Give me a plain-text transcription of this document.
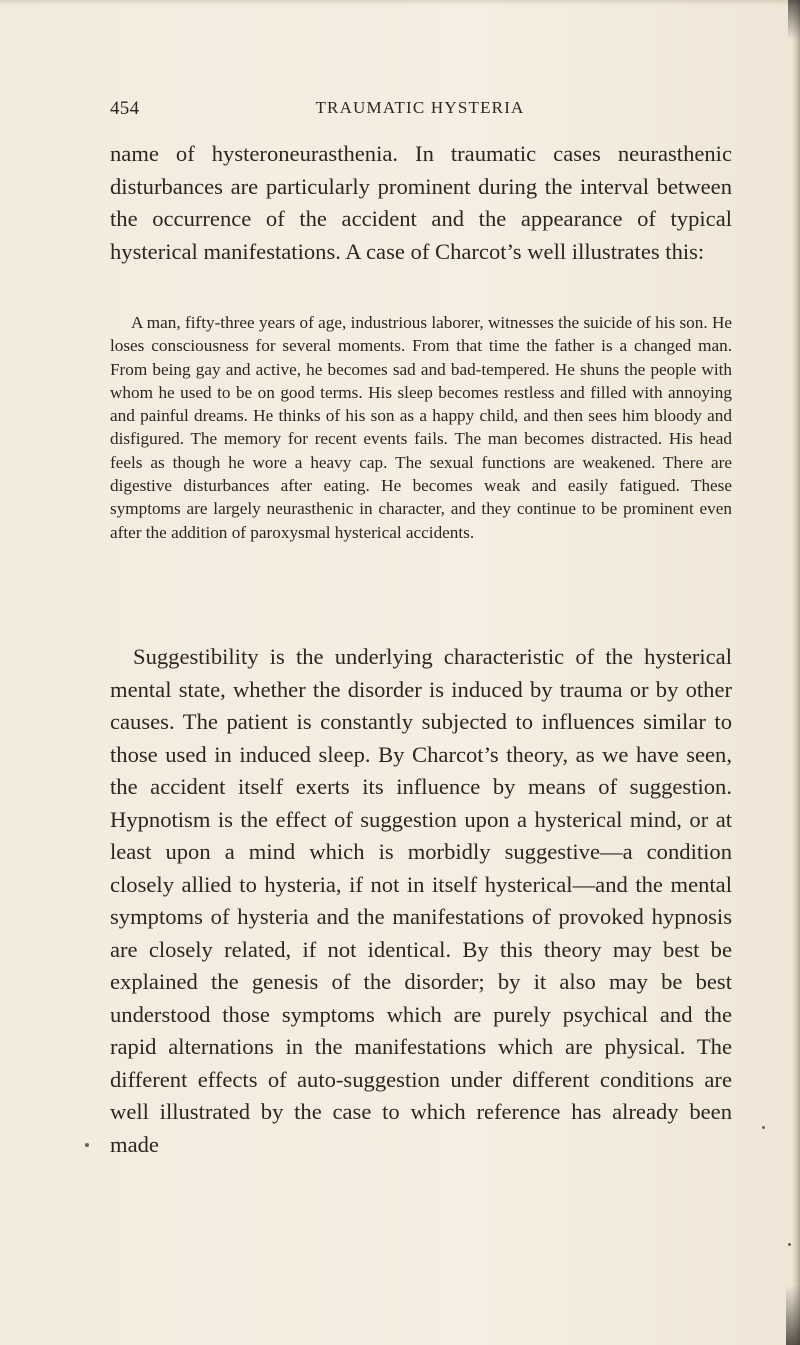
454	TRAUMATIC HYSTERIA

name of hysteroneurasthenia. In traumatic cases neurasthenic disturbances are particularly prominent during the interval between the occurrence of the accident and the appearance of typical hysterical manifestations. A case of Charcot’s well illustrates this:

A man, fifty-three years of age, industrious laborer, witnesses the suicide of his son. He loses consciousness for several moments. From that time the father is a changed man. From being gay and active, he becomes sad and bad-tempered. He shuns the people with whom he used to be on good terms. His sleep becomes restless and filled with annoying and painful dreams. He thinks of his son as a happy child, and then sees him bloody and disfigured. The memory for recent events fails. The man becomes distracted. His head feels as though he wore a heavy cap. The sexual functions are weakened. There are digestive disturbances after eating. He becomes weak and easily fatigued. These symptoms are largely neurasthenic in character, and they continue to be prominent even after the addition of paroxysmal hysterical accidents.

Suggestibility is the underlying characteristic of the hysterical mental state, whether the disorder is induced by trauma or by other causes. The patient is constantly subjected to influences similar to those used in induced sleep. By Charcot’s theory, as we have seen, the accident itself exerts its influence by means of suggestion. Hypnotism is the effect of suggestion upon a hysterical mind, or at least upon a mind which is morbidly suggestive—a condition closely allied to hysteria, if not in itself hysterical—and the mental symptoms of hysteria and the manifestations of provoked hypnosis are closely related, if not identical. By this theory may best be explained the genesis of the disorder; by it also may be best understood those symptoms which are purely psychical and the rapid alternations in the manifestations which are physical. The different effects of auto-suggestion under different conditions are well illustrated by the case to which reference has already been made
